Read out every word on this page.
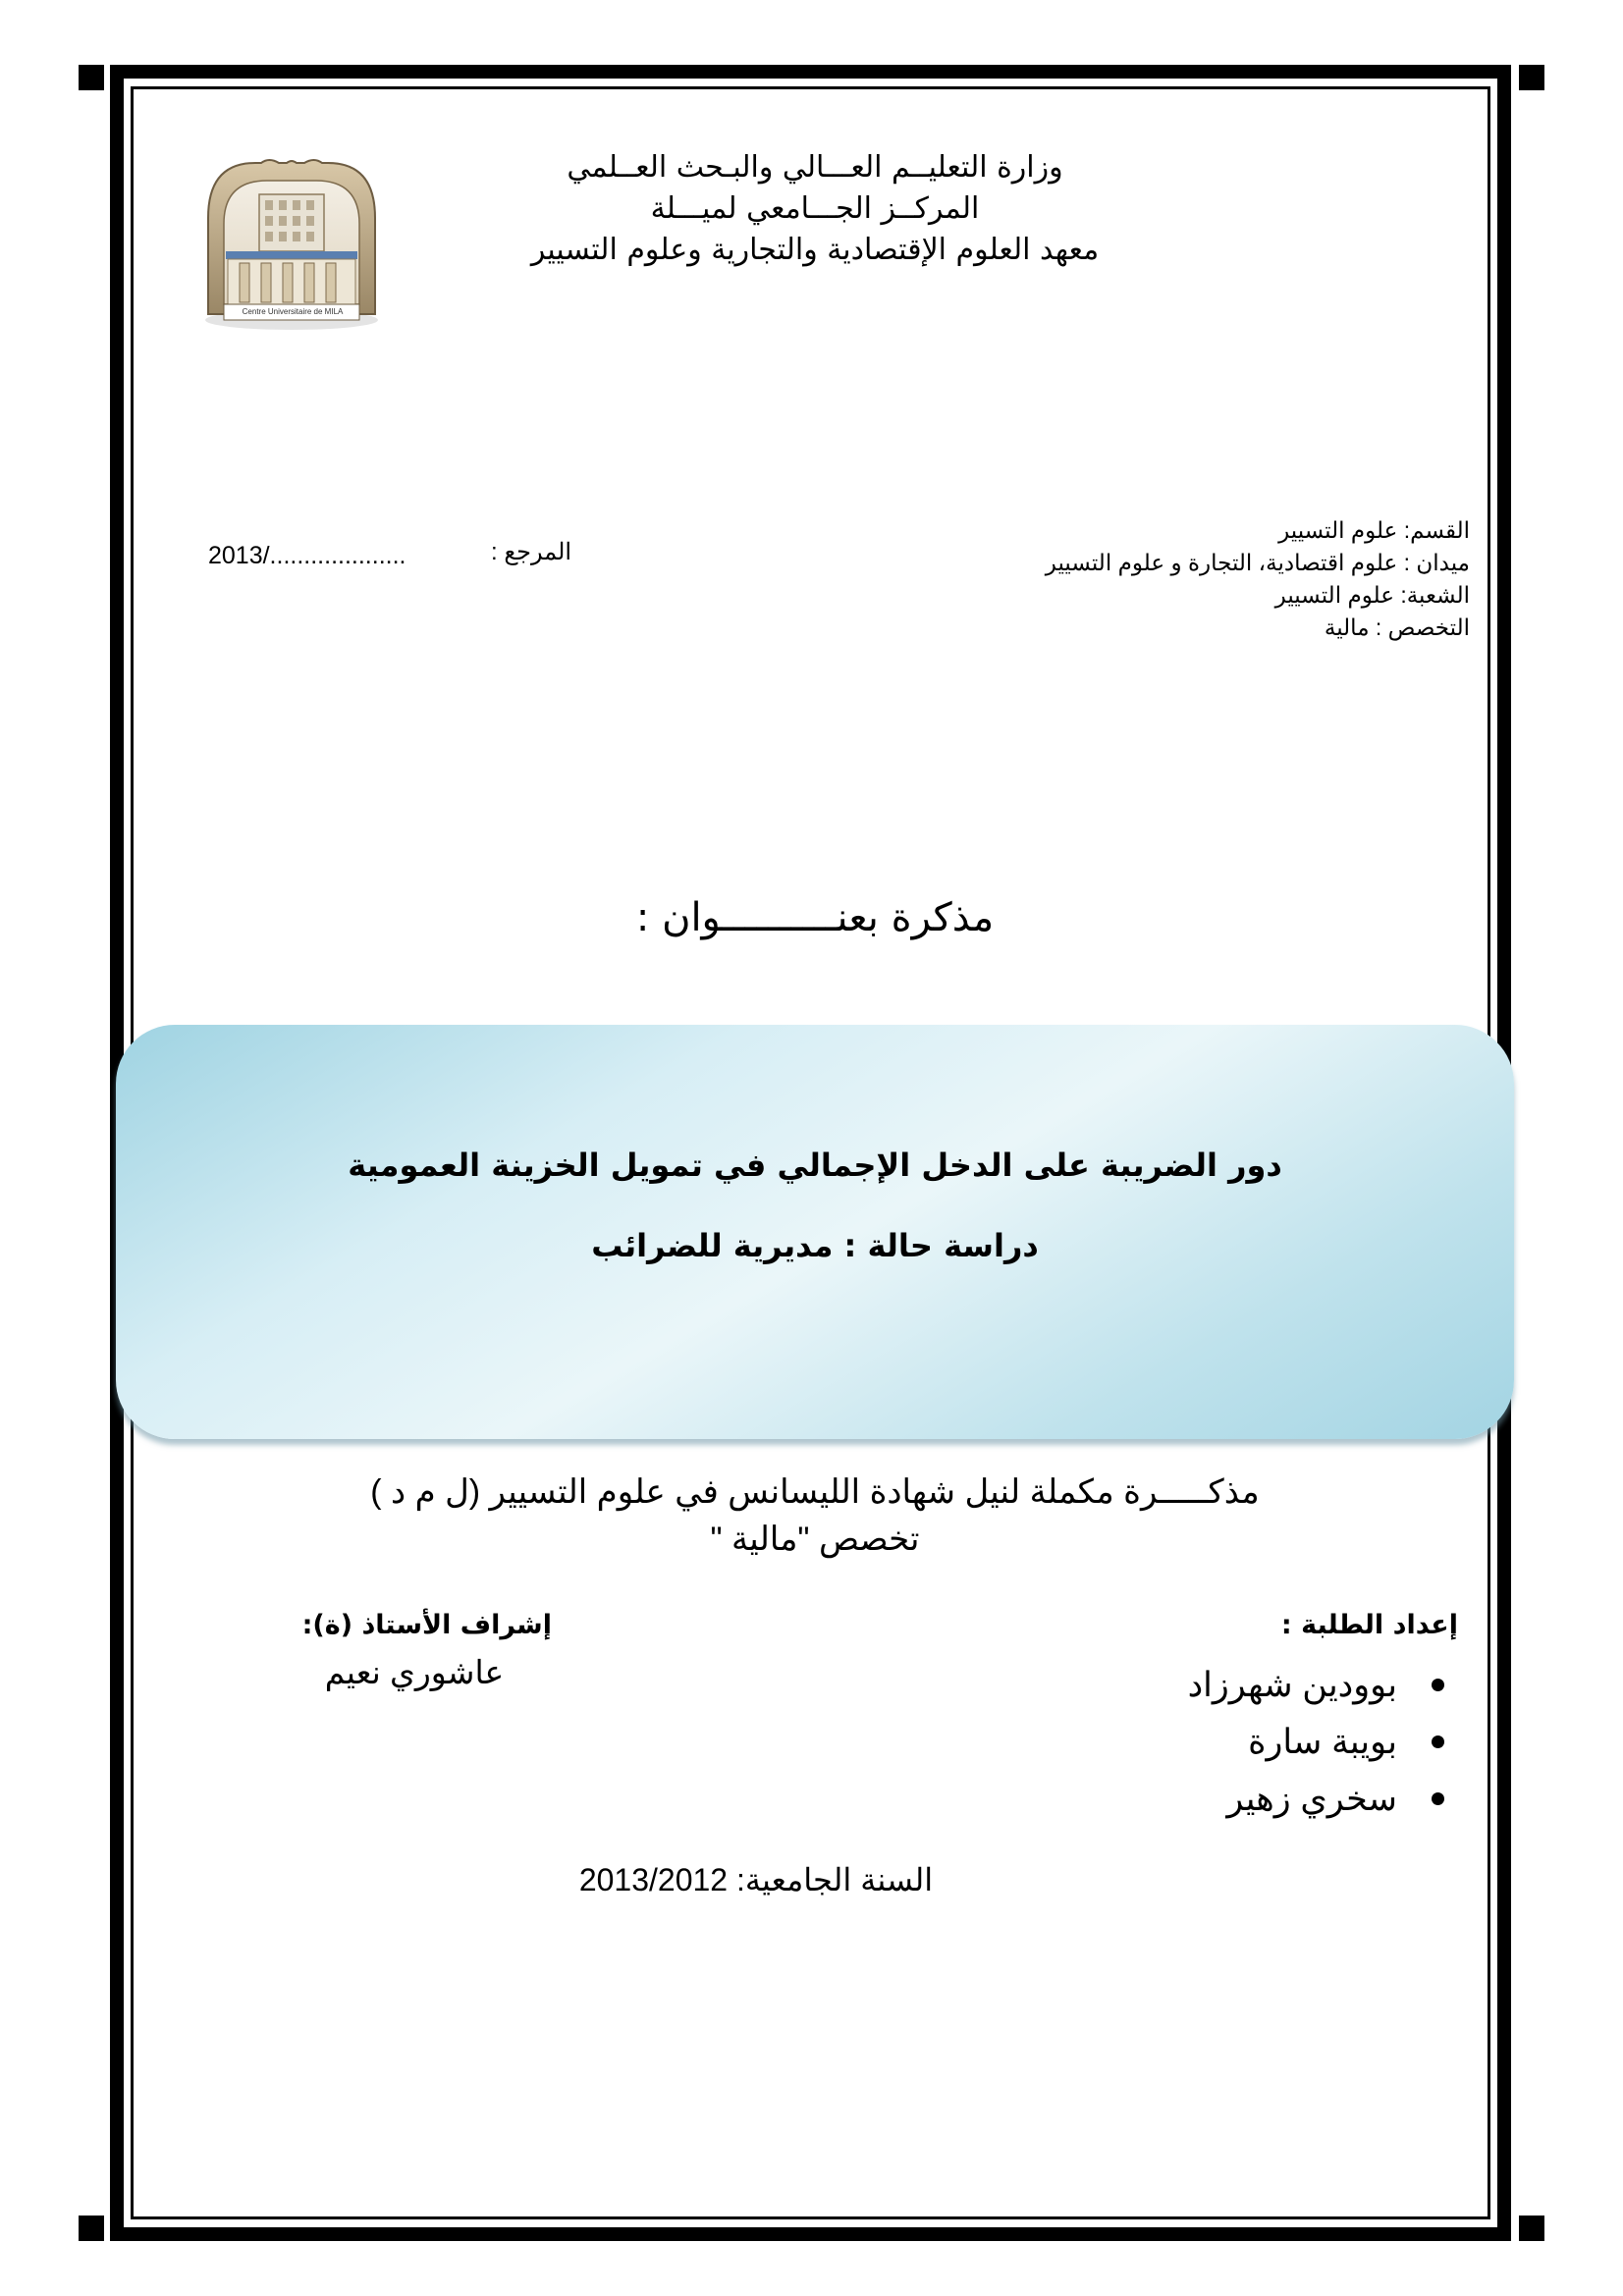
Centre Universitaire de MILA
وزارة التعليــم العـــالي والبـحث العــلمي
المركــز الجـــامعي لميـــلة
معهد العلوم الإقتصادية والتجارية وعلوم التسيير
القسم: علوم التسيير
ميدان : علوم اقتصادية، التجارة و علوم التسيير
الشعبة: علوم التسيير
التخصص : مالية
المرجع :
2013/....................
مذكرة بعنــــــــــوان :
دور الضريبة على الدخل الإجمالي في تمويل الخزينة العمومية
دراسة حالة : مديرية للضرائب
مذكـــــرة مكملة لنيل شهادة الليسانس في علوم التسيير (ل م د )
تخصص "مالية "
إعداد الطلبة :
بوودين شهرزاد
بويبة سارة
سخري زهير
إشراف الأستاذ (ة):
عاشوري نعيم
السنة الجامعية: 2013/2012
